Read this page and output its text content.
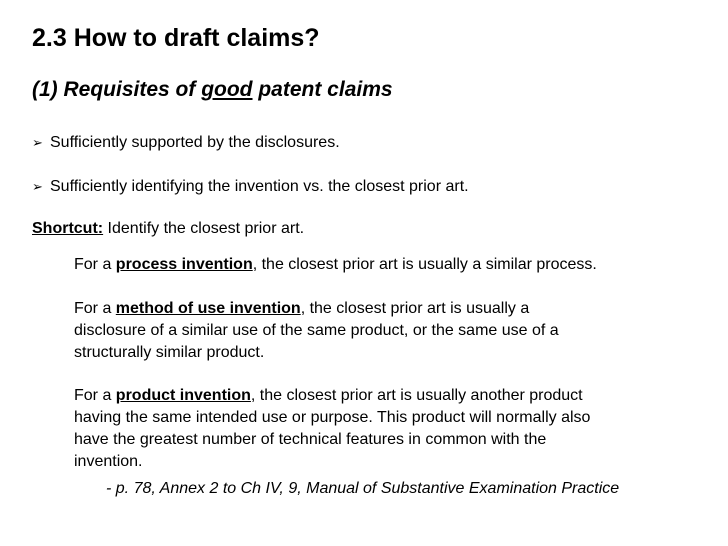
2.3 How to draft claims?
(1) Requisites of good patent claims
➢ Sufficiently supported by the disclosures.
➢ Sufficiently identifying the invention vs. the closest prior art.
Shortcut: Identify the closest prior art.
For a process invention, the closest prior art is usually a similar process.
For a method of use invention, the closest prior art is usually a
disclosure of a similar use of the same product, or the same use of a
structurally similar product.
For a product invention, the closest prior art is usually another product
having the same intended use or purpose. This product will normally also
have the greatest number of technical features in common with the
invention.
- p. 78, Annex 2 to Ch IV, 9, Manual of Substantive Examination Practice
